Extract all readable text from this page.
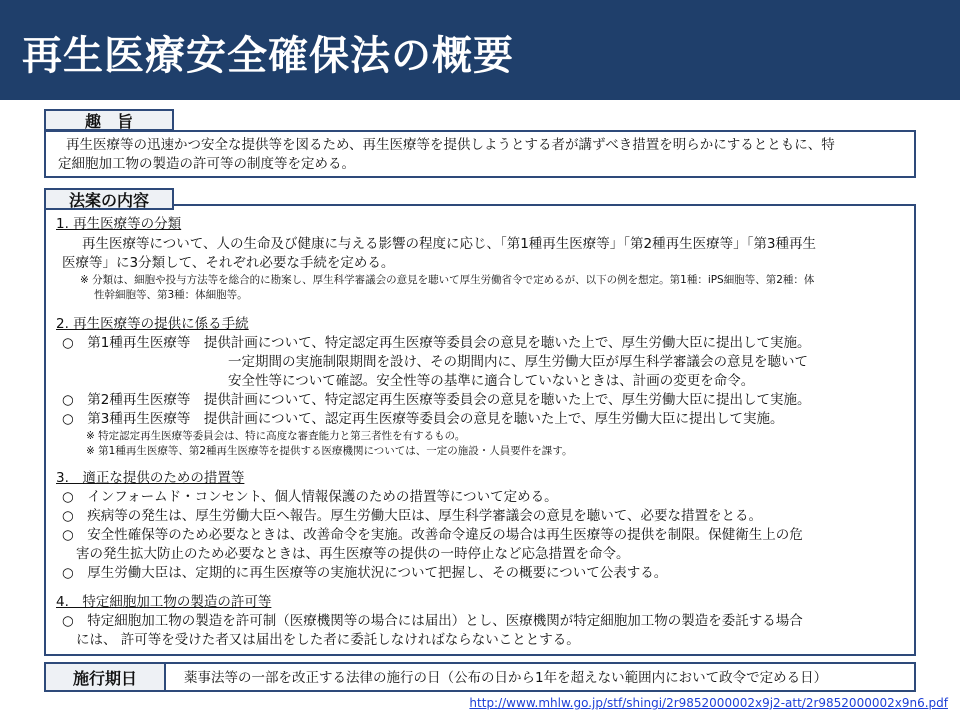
再生医療安全確保法の概要
趣　旨
再生医療等の迅速かつ安全な提供等を図るため、再生医療等を提供しようとする者が講ずべき措置を明らかにするとともに、特
定細胞加工物の製造の許可等の制度等を定める。
法案の内容
1. 再生医療等の分類
再生医療等について、人の生命及び健康に与える影響の程度に応じ、「第1種再生医療等」「第2種再生医療等」「第3種再生
医療等」に3分類して、それぞれ必要な手続を定める。
※ 分類は、細胞や投与方法等を総合的に勘案し、厚生科学審議会の意見を聴いて厚生労働省令で定めるが、以下の例を想定。第1種：iPS細胞等、第2種：体
性幹細胞等、第3種：体細胞等。
2. 再生医療等の提供に係る手続
○　第1種再生医療等　提供計画について、特定認定再生医療等委員会の意見を聴いた上で、厚生労働大臣に提出して実施。
一定期間の実施制限期間を設け、その期間内に、厚生労働大臣が厚生科学審議会の意見を聴いて
安全性等について確認。安全性等の基準に適合していないときは、計画の変更を命令。
○　第2種再生医療等　提供計画について、特定認定再生医療等委員会の意見を聴いた上で、厚生労働大臣に提出して実施。
○　第3種再生医療等　提供計画について、認定再生医療等委員会の意見を聴いた上で、厚生労働大臣に提出して実施。
※ 特定認定再生医療等委員会は、特に高度な審査能力と第三者性を有するもの。
※ 第1種再生医療等、第2種再生医療等を提供する医療機関については、一定の施設・人員要件を課す。
3.　適正な提供のための措置等
○　インフォームド・コンセント、個人情報保護のための措置等について定める。
○　疾病等の発生は、厚生労働大臣へ報告。厚生労働大臣は、厚生科学審議会の意見を聴いて、必要な措置をとる。
○　安全性確保等のため必要なときは、改善命令を実施。改善命令違反の場合は再生医療等の提供を制限。保健衛生上の危
害の発生拡大防止のため必要なときは、再生医療等の提供の一時停止など応急措置を命令。
○　厚生労働大臣は、定期的に再生医療等の実施状況について把握し、その概要について公表する。
4.　特定細胞加工物の製造の許可等
○　特定細胞加工物の製造を許可制（医療機関等の場合には届出）とし、医療機関が特定細胞加工物の製造を委託する場合
には、 許可等を受けた者又は届出をした者に委託しなければならないこととする。
薬事法等の一部を改正する法律の施行の日（公布の日から1年を超えない範囲内において政令で定める日）
施行期日
http://www.mhlw.go.jp/stf/shingi/2r9852000002x9j2-att/2r9852000002x9n6.pdf
